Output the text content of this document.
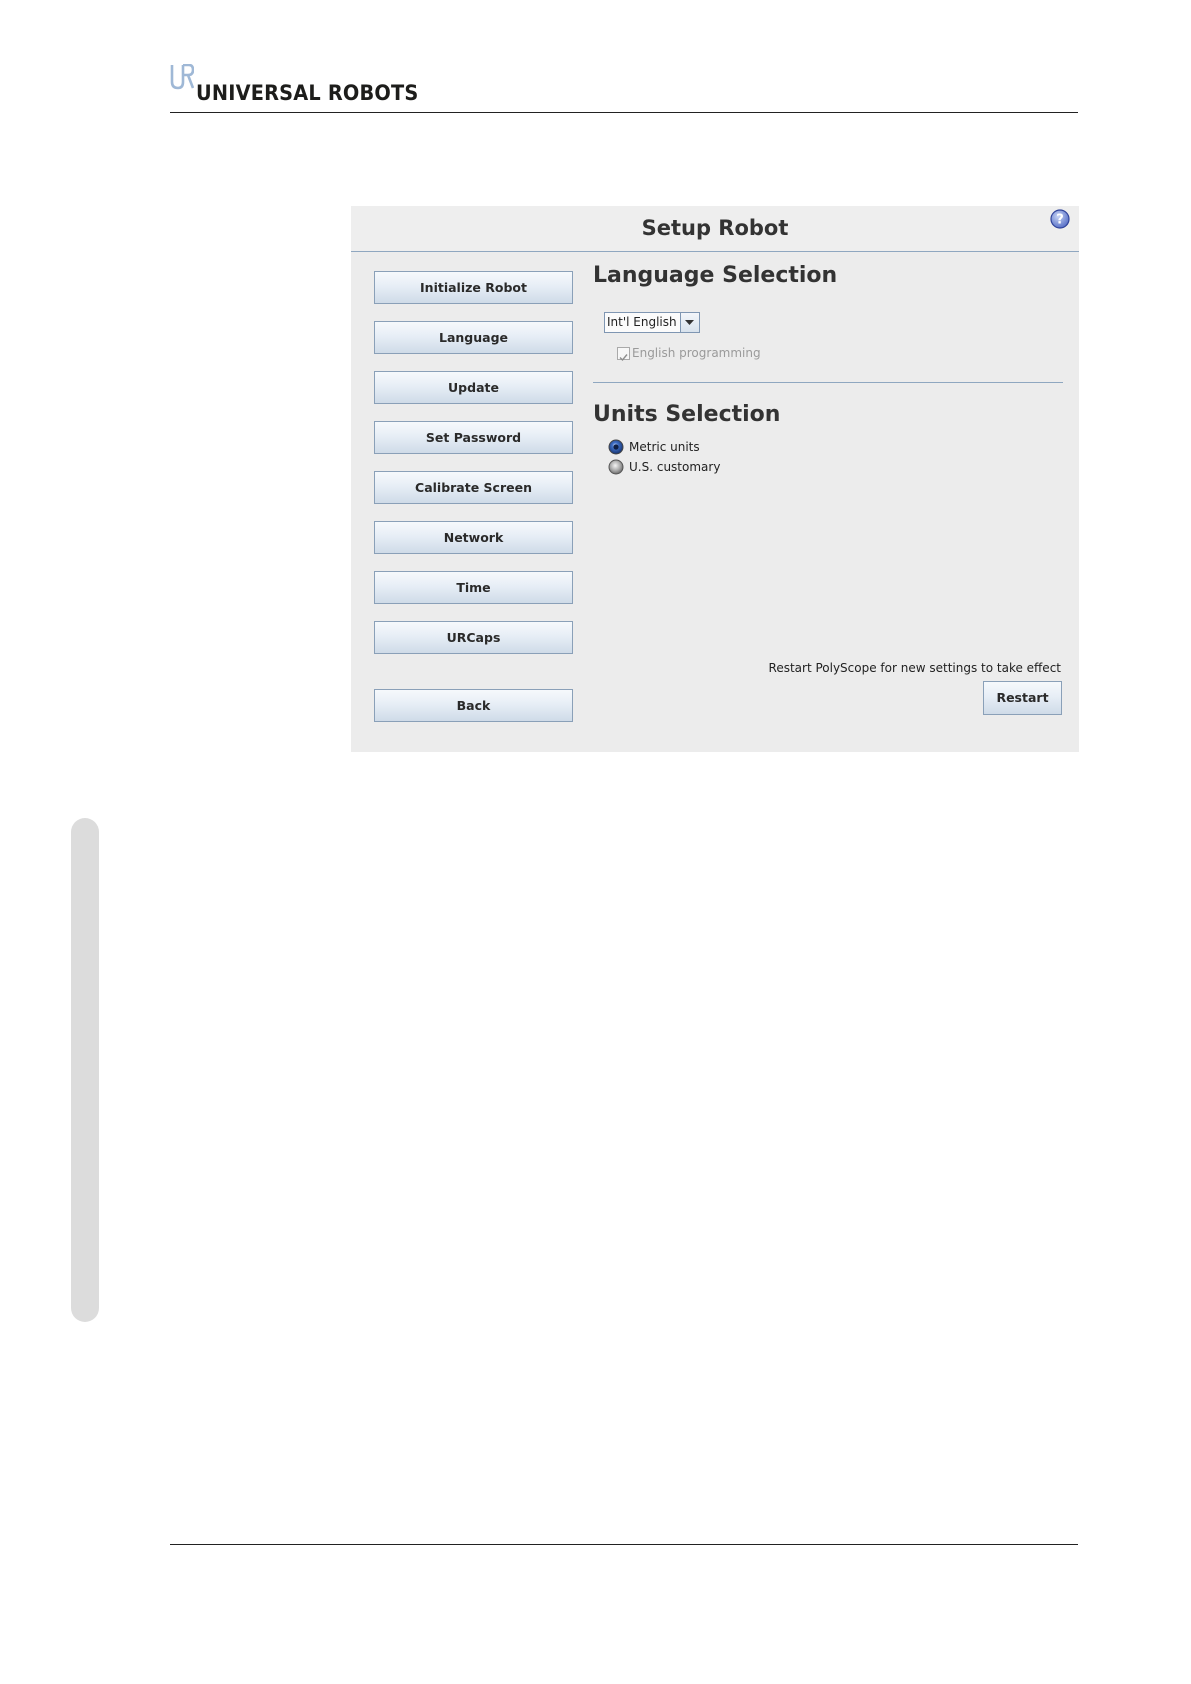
UNIVERSAL ROBOTS
Setup Robot	?
Initialize Robot
Language
Update
Set Password
Calibrate Screen
Network
Time
URCaps
Back
Language Selection
Int'l English
English programming
Units Selection
Metric units
U.S. customary
Restart PolyScope for new settings to take effect
Restart
